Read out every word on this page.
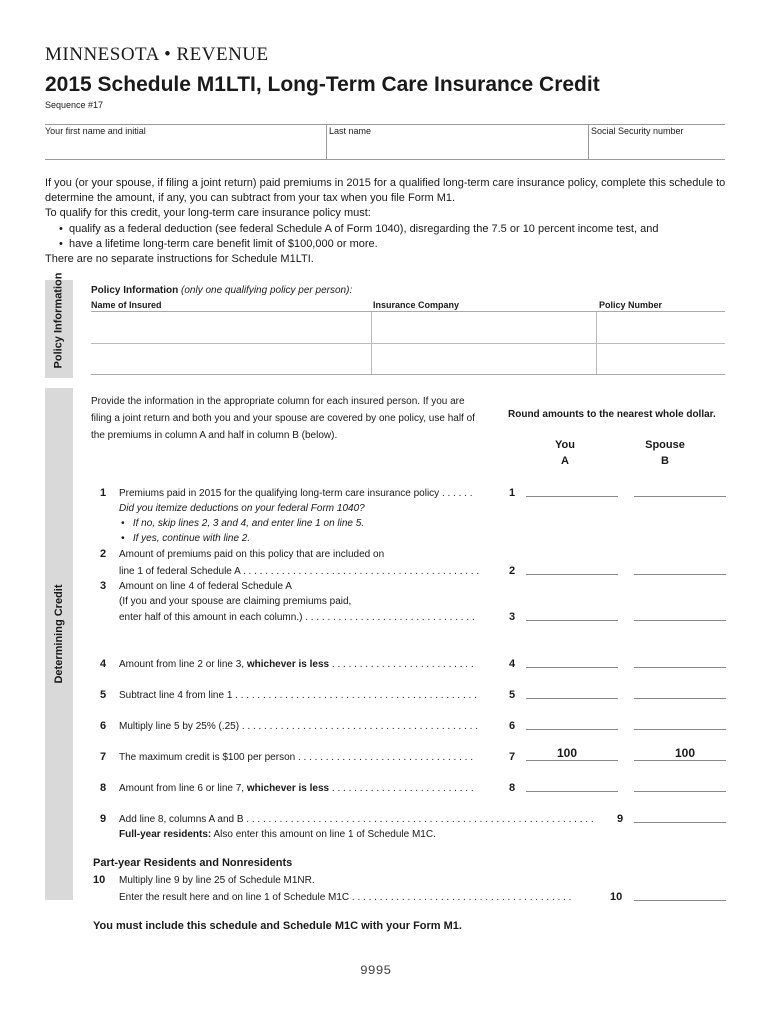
MINNESOTA • REVENUE
2015 Schedule M1LTI, Long-Term Care Insurance Credit
Sequence #17
Your first name and initial	Last name	Social Security number

If you (or your spouse, if filing a joint return) paid premiums in 2015 for a qualified long-term care insurance policy, complete this schedule to determine the amount, if any, you can subtract from your tax when you file Form M1.

To qualify for this credit, your long-term care insurance policy must:

•  qualify as a federal deduction (see federal Schedule A of Form 1040), disregarding the 7.5 or 10 percent income test, and

•  have a lifetime long-term care benefit limit of $100,000 or more.

There are no separate instructions for Schedule M1LTI.

Policy Information	Policy Information (only one qualifying policy per person):
Name of Insured	Insurance Company	Policy Number
Determining Credit
Provide the information in the appropriate column for each insured person. If you are filing a joint return and both you and your spouse are covered by one policy, use half of the premiums in column A and half in column B (below).
Round amounts to the nearest whole dollar.
You
A
Spouse
B
1 Premiums paid in 2015 for the qualifying long-term care insurance policy . . . . . .	1
Did you itemize deductions on your federal Form 1040?
•   If no, skip lines 2, 3 and 4, and enter line 1 on line 5.
•   If yes, continue with line 2.
2 Amount of premiums paid on this policy that are included on
line 1 of federal Schedule A . . . . . . . . . . . . . . . . . . . . . . . . . . . . . . . . . . . . . . . . . . .	2
3 Amount on line 4 of federal Schedule A
(If you and your spouse are claiming premiums paid,
enter half of this amount in each column.) . . . . . . . . . . . . . . . . . . . . . . . . . . . . . . .	3
4 Amount from line 2 or line 3, whichever is less . . . . . . . . . . . . . . . . . . . . . . . . . .	4
5 Subtract line 4 from line 1 . . . . . . . . . . . . . . . . . . . . . . . . . . . . . . . . . . . . . . . . . . . .	5
6 Multiply line 5 by 25% (.25) . . . . . . . . . . . . . . . . . . . . . . . . . . . . . . . . . . . . . . . . . . .	6
7 The maximum credit is $100 per person . . . . . . . . . . . . . . . . . . . . . . . . . . . . . . . .	7	100	100
8 Amount from line 6 or line 7, whichever is less . . . . . . . . . . . . . . . . . . . . . . . . . .	8
9 Add line 8, columns A and B . . . . . . . . . . . . . . . . . . . . . . . . . . . . . . . . . . . . . . . . . . . . . . . . . . . . . . . . . . . . . . . 9
Full-year residents: Also enter this amount on line 1 of Schedule M1C.
Part-year Residents and Nonresidents
10 Multiply line 9 by line 25 of Schedule M1NR.
Enter the result here and on line 1 of Schedule M1C . . . . . . . . . . . . . . . . . . . . . . . . . . . . . . . . . . . . . . . .	10
You must include this schedule and Schedule M1C with your Form M1.
9995
